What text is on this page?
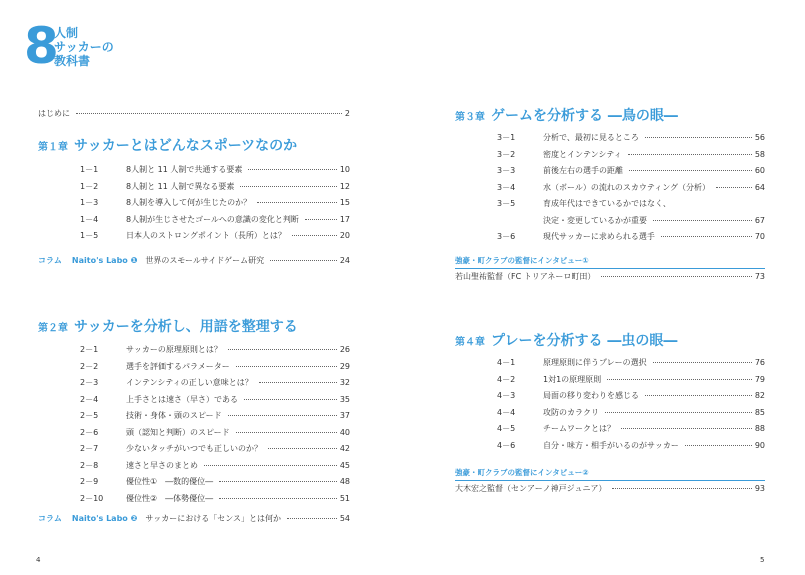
8
人制
サッカーの
教科書
はじめに	2
第１章 サッカーとはどんなスポーツなのか
1－1	8人制と 11 人制で共通する要素	10
1－2	8人制と 11 人制で異なる要素	12
1－3	8人制を導入して何が生じたのか？	15
1－4	8人制が生じさせたゴールへの意識の変化と判断	17
1－5	日本人のストロングポイント（長所）とは？	20
コラム Naito's Labo ❶ 世界のスモールサイドゲーム研究	24
第２章 サッカーを分析し、用語を整理する
2－1	サッカーの原理原則とは？	26
2－2	選手を評価するパラメーター	29
2－3	インテンシティの正しい意味とは？	32
2－4	上手さとは速さ（早さ）である	35
2－5	技術・身体・頭のスピード	37
2－6	頭（認知と判断）のスピード	40
2－7	少ないタッチがいつでも正しいのか？	42
2－8	速さと早さのまとめ	45
2－9	優位性①　―数的優位―	48
2－10	優位性②　―体勢優位―	51
コラム Naito's Labo ❷ サッカーにおける「センス」とは何か	54
第３章 ゲームを分析する ―鳥の眼―
3－1	分析で、最初に見るところ	56
3－2	密度とインテンシティ	58
3－3	前後左右の選手の距離	60
3－4	水（ボール）の流れのスカウティング（分析）	64
3－5	育成年代はできているかではなく、
決定・変更しているかが重要	67
3－6	現代サッカーに求められる選手	70
強豪・町クラブの監督にインタビュー①
若山聖祐監督（FC トリアネーロ町田）	73
第４章 プレーを分析する ―虫の眼―
4－1	原理原則に伴うプレーの選択	76
4－2	1対1の原理原則	79
4－3	局面の移り変わりを感じる	82
4－4	攻防のカラクリ	85
4－5	チームワークとは？	88
4－6	自分・味方・相手がいるのがサッカー	90
強豪・町クラブの監督にインタビュー②
大木宏之監督（センアーノ神戸ジュニア）	93
4	5
